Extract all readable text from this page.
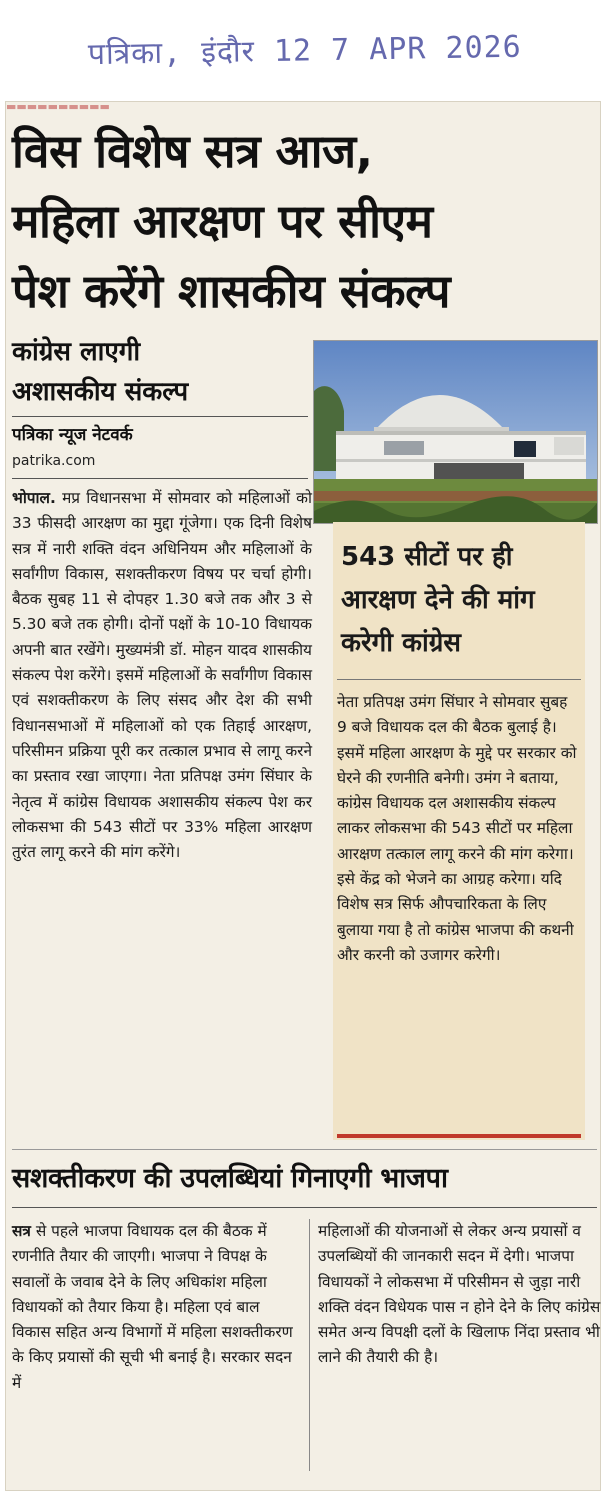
पत्रिका, इंदौर 12 7 APR 2026
▬▬▬▬▬▬▬▬▬▬
विस विशेष सत्र आज,
महिला आरक्षण पर सीएम
पेश करेंगे शासकीय संकल्प
कांग्रेस लाएगी
अशासकीय संकल्प
पत्रिका न्यूज नेटवर्क
patrika.com
भोपाल. मप्र विधानसभा में सोमवार को महिलाओं को 33 फीसदी आरक्षण का मुद्दा गूंजेगा। एक दिनी विशेष सत्र में नारी शक्ति वंदन अधिनियम और महिलाओं के सर्वांगीण विकास, सशक्तीकरण विषय पर चर्चा होगी। बैठक सुबह 11 से दोपहर 1.30 बजे तक और 3 से 5.30 बजे तक होगी। दोनों पक्षों के 10-10 विधायक अपनी बात रखेंगे। मुख्यमंत्री डॉ. मोहन यादव शासकीय संकल्प पेश करेंगे। इसमें महिलाओं के सर्वांगीण विकास एवं सशक्तीकरण के लिए संसद और देश की सभी विधानसभाओं में महिलाओं को एक तिहाई आरक्षण, परिसीमन प्रक्रिया पूरी कर तत्काल प्रभाव से लागू करने का प्रस्ताव रखा जाएगा। नेता प्रतिपक्ष उमंग सिंघार के नेतृत्व में कांग्रेस विधायक अशासकीय संकल्प पेश कर लोकसभा की 543 सीटों पर 33% महिला आरक्षण तुरंत लागू करने की मांग करेंगे।
543 सीटों पर ही आरक्षण देने की मांग करेगी कांग्रेस
नेता प्रतिपक्ष उमंग सिंघार ने सोमवार सुबह 9 बजे विधायक दल की बैठक बुलाई है। इसमें महिला आरक्षण के मुद्दे पर सरकार को घेरने की रणनीति बनेगी। उमंग ने बताया, कांग्रेस विधायक दल अशासकीय संकल्प लाकर लोकसभा की 543 सीटों पर महिला आरक्षण तत्काल लागू करने की मांग करेगा। इसे केंद्र को भेजने का आग्रह करेगा। यदि विशेष सत्र सिर्फ औपचारिकता के लिए बुलाया गया है तो कांग्रेस भाजपा की कथनी और करनी को उजागर करेगी।
सशक्तीकरण की उपलब्धियां गिनाएगी भाजपा
सत्र से पहले भाजपा विधायक दल की बैठक में रणनीति तैयार की जाएगी। भाजपा ने विपक्ष के सवालों के जवाब देने के लिए अधिकांश महिला विधायकों को तैयार किया है। महिला एवं बाल विकास सहित अन्य विभागों में महिला सशक्तीकरण के किए प्रयासों की सूची भी बनाई है। सरकार सदन में
महिलाओं की योजनाओं से लेकर अन्य प्रयासों व उपलब्धियों की जानकारी सदन में देगी। भाजपा विधायकों ने लोकसभा में परिसीमन से जुड़ा नारी शक्ति वंदन विधेयक पास न होने देने के लिए कांग्रेस समेत अन्य विपक्षी दलों के खिलाफ निंदा प्रस्ताव भी लाने की तैयारी की है।
